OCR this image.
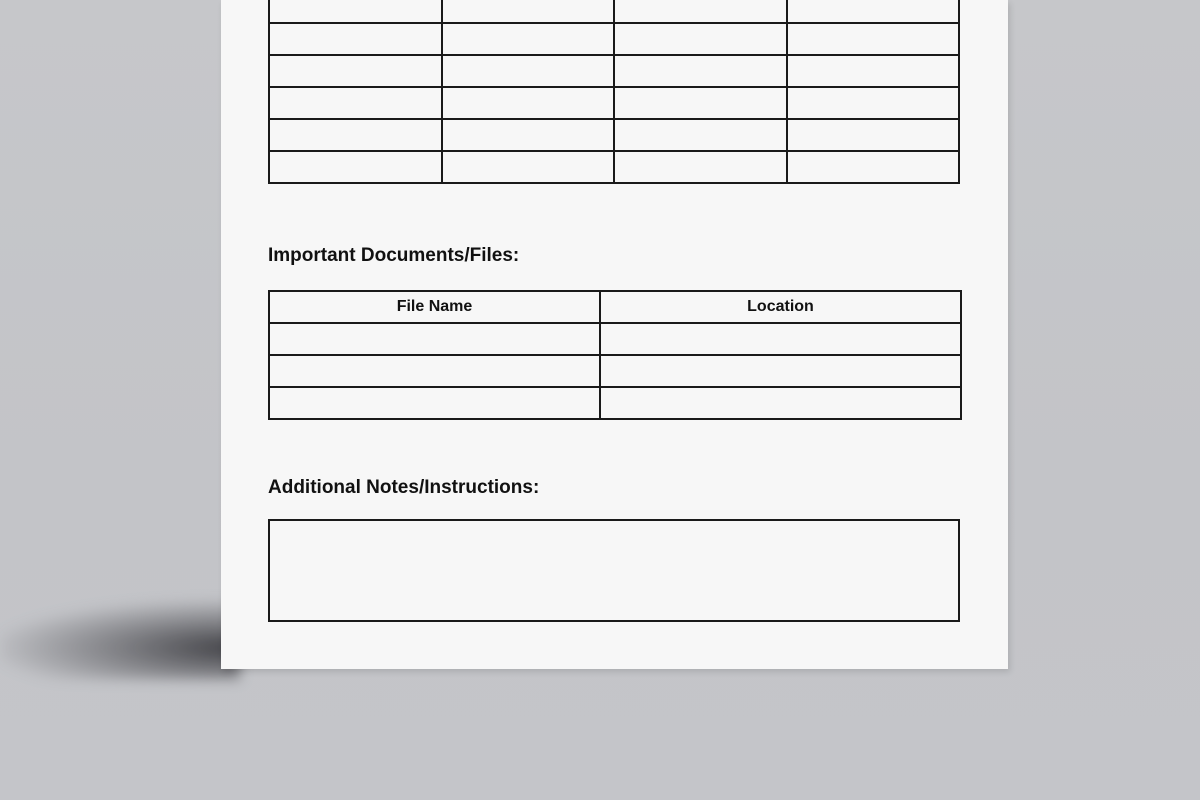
Important Documents/Files:
File Name	Location

Additional Notes/Instructions:
